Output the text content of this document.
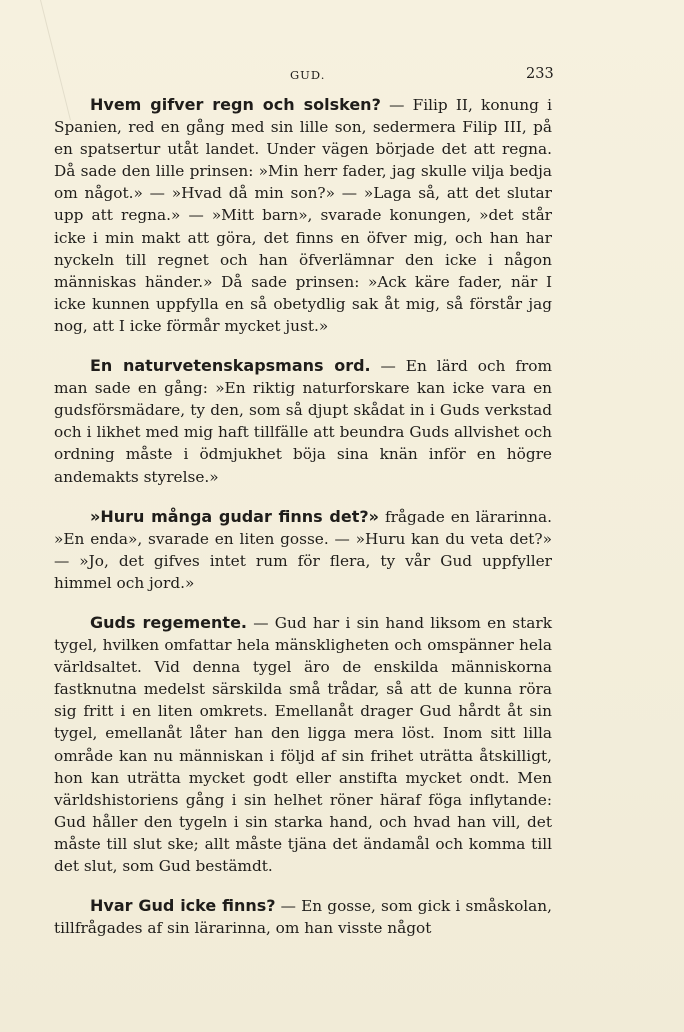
GUD.	233

Hvem gifver regn och solsken? — Filip II, konung i Spanien, red en gång med sin lille son, sedermera Filip III, på en spatsertur utåt landet. Under vägen började det att regna. Då sade den lille prinsen: »Min herr fader, jag skulle vilja bedja om något.» — »Hvad då min son?» — »Laga så, att det slutar upp att regna.» — »Mitt barn», svarade konungen, »det står icke i min makt att göra, det finns en öfver mig, och han har nyckeln till regnet och han öfverlämnar den icke i någon människas händer.» Då sade prinsen: »Ack käre fader, när I icke kunnen uppfylla en så obetydlig sak åt mig, så förstår jag nog, att I icke förmår mycket just.»

En naturvetenskapsmans ord. — En lärd och from man sade en gång: »En riktig naturforskare kan icke vara en gudsförsmädare, ty den, som så djupt skådat in i Guds verkstad och i likhet med mig haft tillfälle att beundra Guds allvishet och ordning måste i ödmjukhet böja sina knän inför en högre andemakts styrelse.»

»Huru många gudar finns det?» frågade en lärarinna. »En enda», svarade en liten gosse. — »Huru kan du veta det?» — »Jo, det gifves intet rum för flera, ty vår Gud uppfyller himmel och jord.»

Guds regemente. — Gud har i sin hand liksom en stark tygel, hvilken omfattar hela mänskligheten och omspänner hela världsaltet. Vid denna tygel äro de enskilda människorna fastknutna medelst särskilda små trådar, så att de kunna röra sig fritt i en liten omkrets. Emellanåt drager Gud hårdt åt sin tygel, emellanåt låter han den ligga mera löst. Inom sitt lilla område kan nu människan i följd af sin frihet uträtta åtskilligt, hon kan uträtta mycket godt eller anstifta mycket ondt. Men världshistoriens gång i sin helhet röner häraf föga inflytande: Gud håller den tygeln i sin starka hand, och hvad han vill, det måste till slut ske; allt måste tjäna det ändamål och komma till det slut, som Gud bestämdt.

Hvar Gud icke finns? — En gosse, som gick i småskolan, tillfrågades af sin lärarinna, om han visste något
